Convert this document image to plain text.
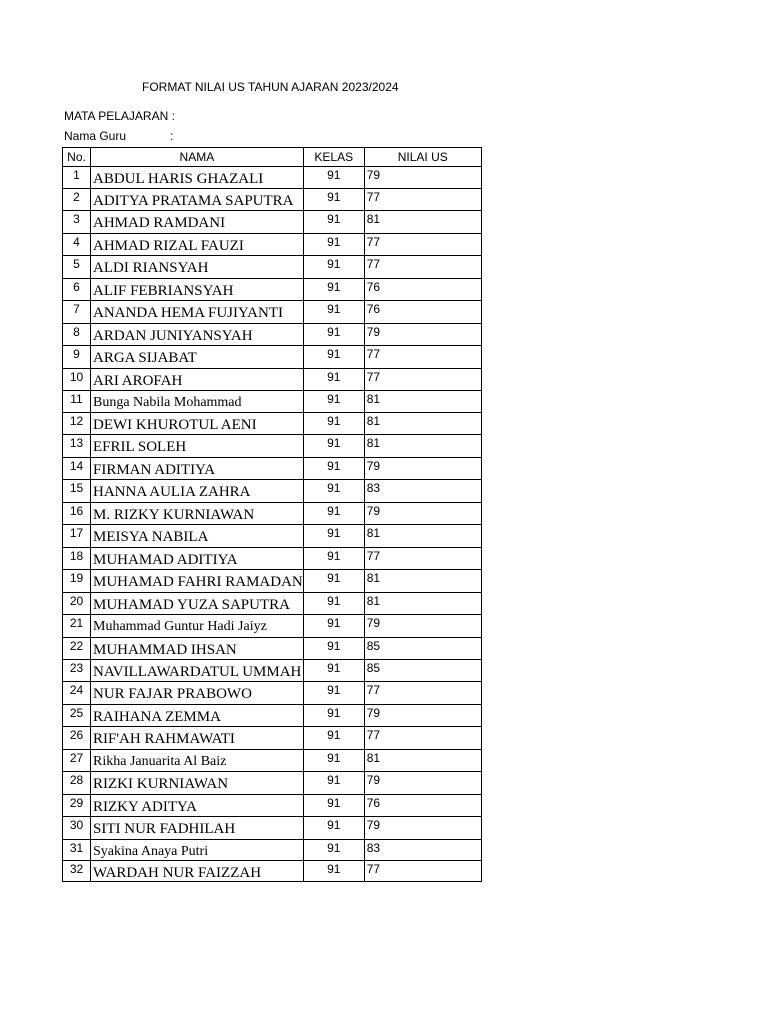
FORMAT NILAI US TAHUN AJARAN 2023/2024
MATA PELAJARAN :
Nama Guru	:
No.	NAMA	KELAS	NILAI US
1	ABDUL HARIS GHAZALI	91	79
2	ADITYA PRATAMA SAPUTRA	91	77
3	AHMAD RAMDANI	91	81
4	AHMAD RIZAL FAUZI	91	77
5	ALDI RIANSYAH	91	77
6	ALIF FEBRIANSYAH	91	76
7	ANANDA HEMA FUJIYANTI	91	76
8	ARDAN JUNIYANSYAH	91	79
9	ARGA SIJABAT	91	77
10	ARI AROFAH	91	77
11	Bunga Nabila Mohammad	91	81
12	DEWI KHUROTUL AENI	91	81
13	EFRIL SOLEH	91	81
14	FIRMAN ADITIYA	91	79
15	HANNA AULIA ZAHRA	91	83
16	M. RIZKY KURNIAWAN	91	79
17	MEISYA NABILA	91	81
18	MUHAMAD ADITIYA	91	77
19	MUHAMAD FAHRI RAMADAN	91	81
20	MUHAMAD YUZA SAPUTRA	91	81
21	Muhammad Guntur Hadi Jaiyz	91	79
22	MUHAMMAD IHSAN	91	85
23	NAVILLAWARDATUL UMMAH	91	85
24	NUR FAJAR PRABOWO	91	77
25	RAIHANA ZEMMA	91	79
26	RIF'AH RAHMAWATI	91	77
27	Rikha Januarita Al Baiz	91	81
28	RIZKI KURNIAWAN	91	79
29	RIZKY ADITYA	91	76
30	SITI NUR FADHILAH	91	79
31	Syakina Anaya Putri	91	83
32	WARDAH NUR FAIZZAH	91	77
